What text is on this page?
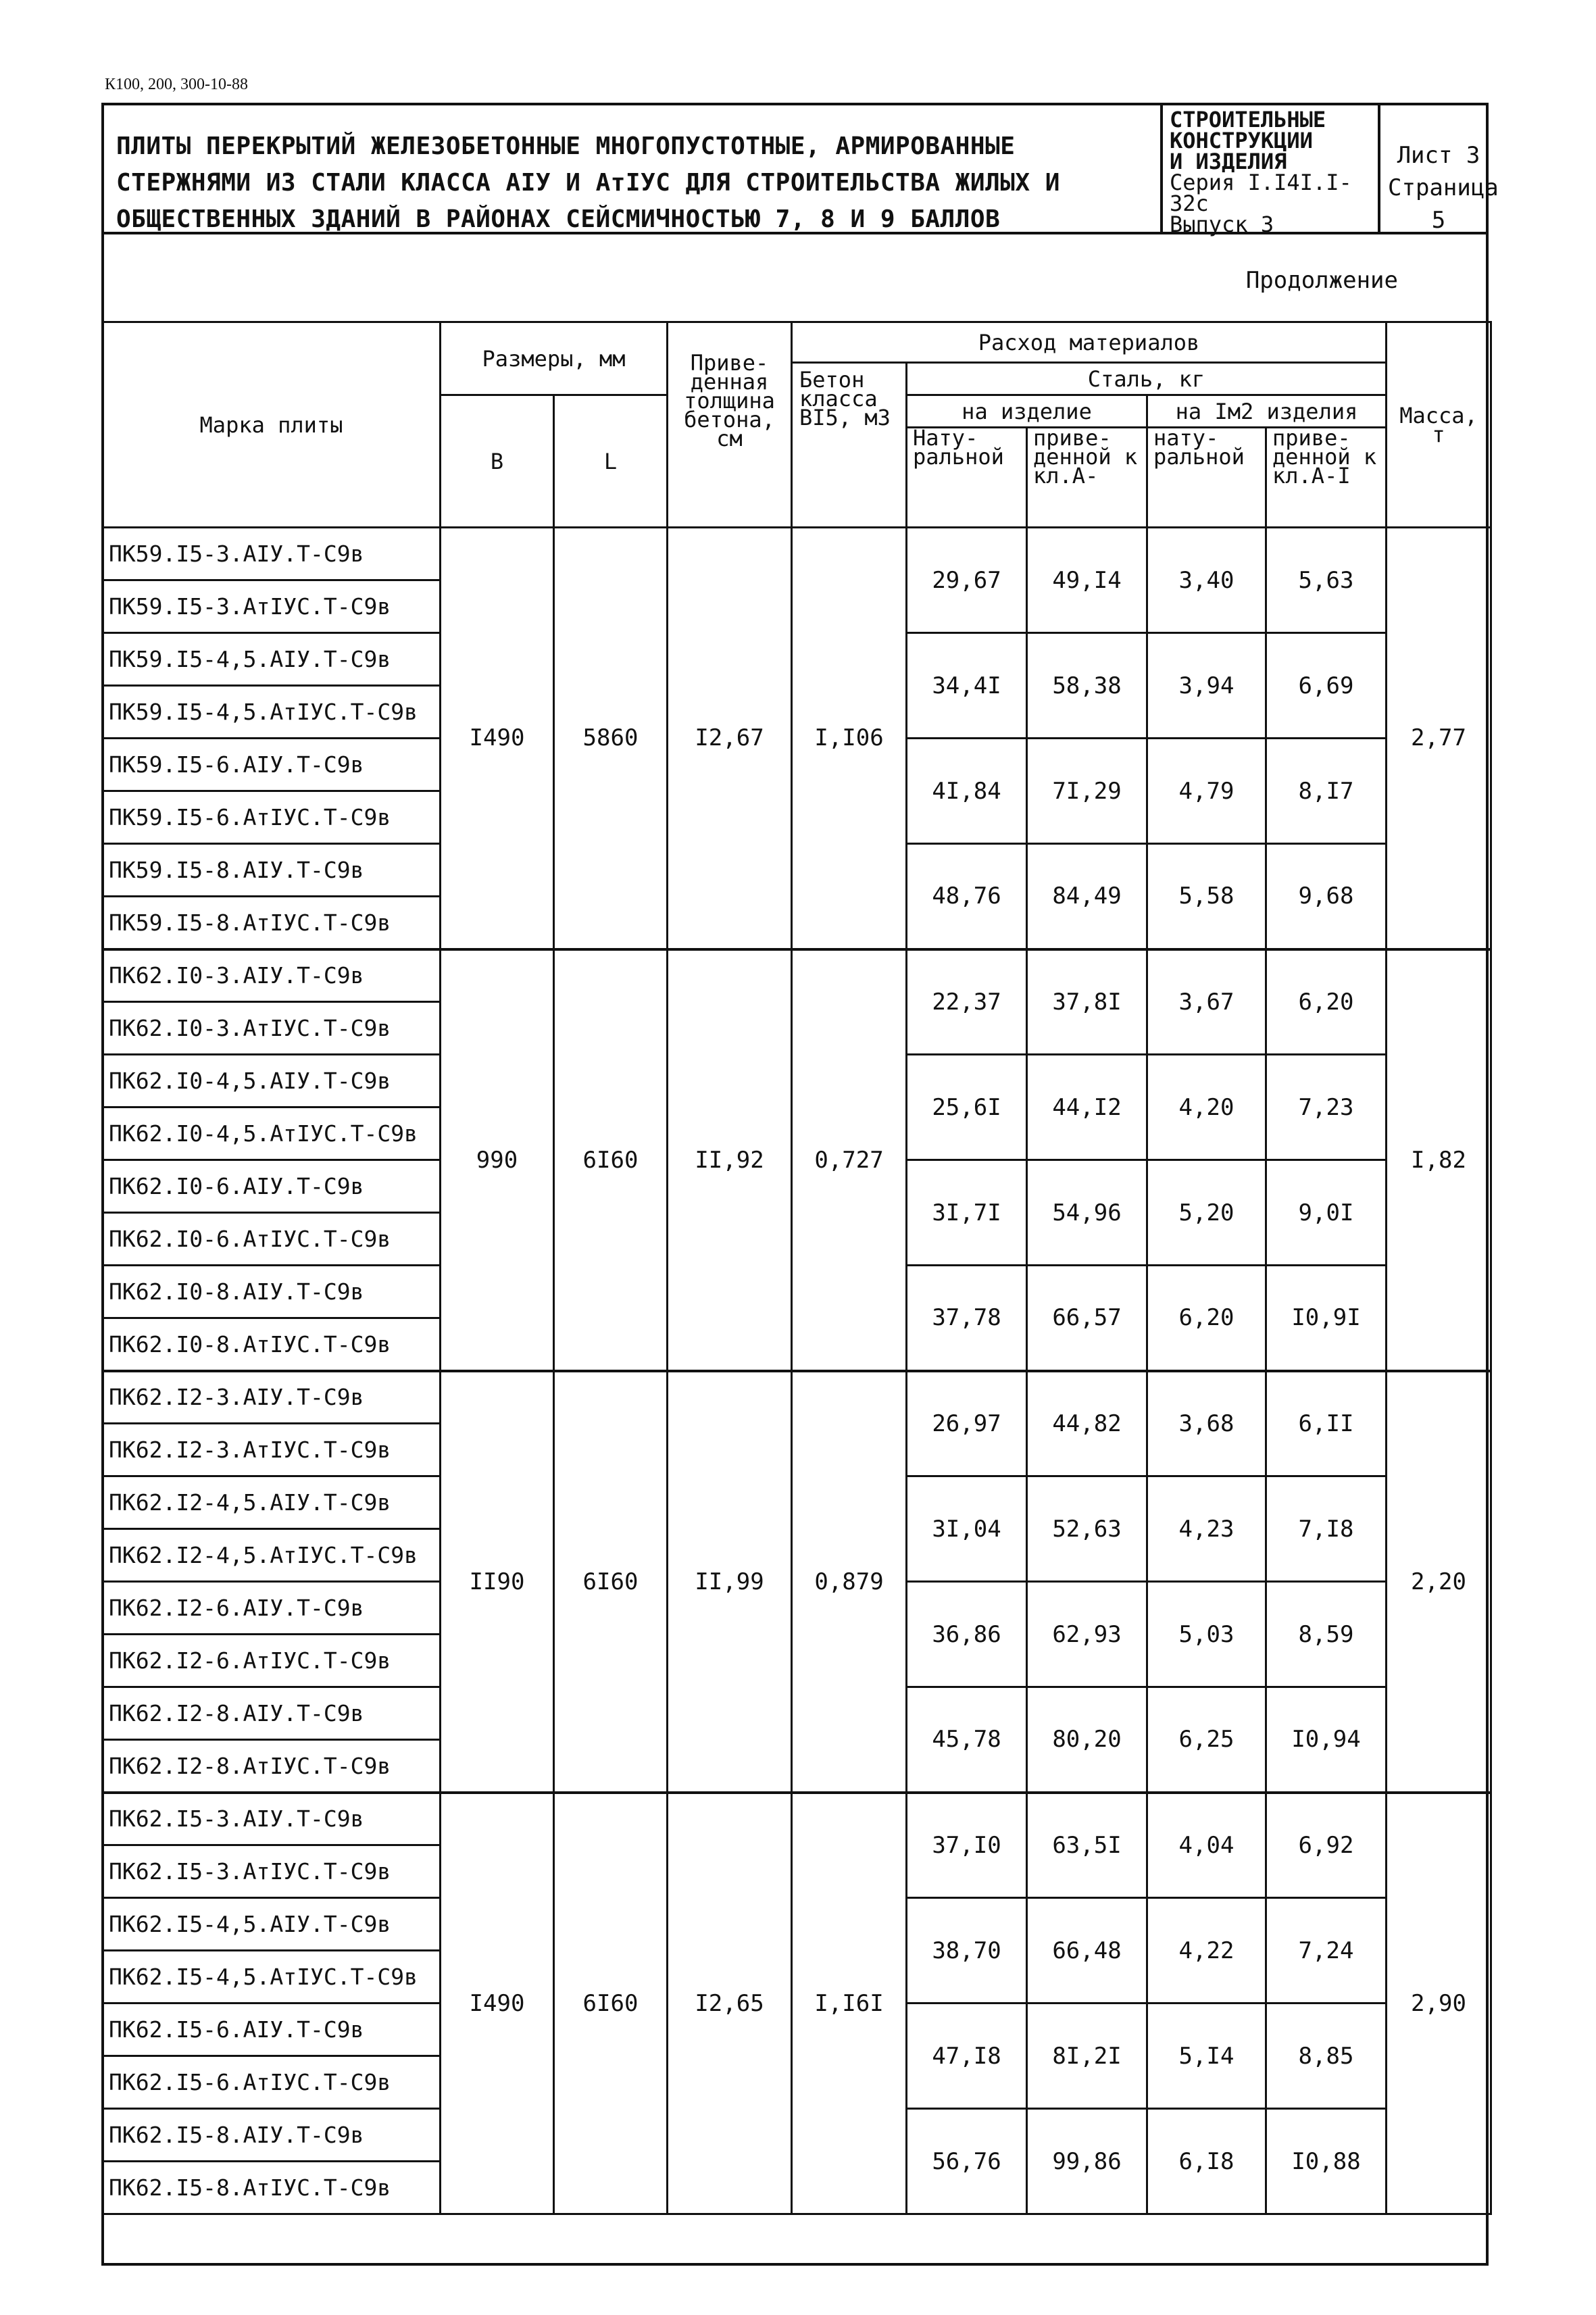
К100, 200, 300-10-88
ПЛИТЫ ПЕРЕКРЫТИЙ ЖЕЛЕЗОБЕТОННЫЕ МНОГОПУСТОТНЫЕ, АРМИРОВАННЫЕ
СТЕРЖНЯМИ ИЗ СТАЛИ КЛАССА АIУ И АтIУС ДЛЯ СТРОИТЕЛЬСТВА ЖИЛЫХ И
ОБЩЕСТВЕННЫХ ЗДАНИЙ В РАЙОНАХ СЕЙСМИЧНОСТЬЮ 7, 8 И 9 БАЛЛОВ
СТРОИТЕЛЬНЫЕ
КОНСТРУКЦИИ
И ИЗДЕЛИЯ
Серия I.I4I.I-32с
Выпуск 3
Лист 3
Страница 5
Продолжение
Марка плиты	Размеры, мм		Приве- денная толщина бетона, см	Расход материалов					Масса, т
				Бетон класса BI5, м3	Сталь, кг				
	B	L			на изделие		на Iм2 изделия		
					Нату- ральной	приве- денной к кл.А-	нату- ральной	приве- денной к кл.А-I	
ПК59.I5-3.АIУ.Т-С9в	I490	5860	I2,67	I,I06	29,67	49,I4	3,40	5,63	2,77
ПК59.I5-3.АтIУС.Т-С9в									
ПК59.I5-4,5.АIУ.Т-С9в					34,4I	58,38	3,94	6,69	
ПК59.I5-4,5.АтIУС.Т-С9в									
ПК59.I5-6.АIУ.Т-С9в					4I,84	7I,29	4,79	8,I7	
ПК59.I5-6.АтIУС.Т-С9в									
ПК59.I5-8.АIУ.Т-С9в					48,76	84,49	5,58	9,68	
ПК59.I5-8.АтIУС.Т-С9в									
ПК62.I0-3.АIУ.Т-С9в	990	6I60	II,92	0,727	22,37	37,8I	3,67	6,20	I,82
ПК62.I0-3.АтIУС.Т-С9в									
ПК62.I0-4,5.АIУ.Т-С9в					25,6I	44,I2	4,20	7,23	
ПК62.I0-4,5.АтIУС.Т-С9в									
ПК62.I0-6.АIУ.Т-С9в					3I,7I	54,96	5,20	9,0I	
ПК62.I0-6.АтIУС.Т-С9в									
ПК62.I0-8.АIУ.Т-С9в					37,78	66,57	6,20	I0,9I	
ПК62.I0-8.АтIУС.Т-С9в									
ПК62.I2-3.АIУ.Т-С9в	II90	6I60	II,99	0,879	26,97	44,82	3,68	6,II	2,20
ПК62.I2-3.АтIУС.Т-С9в									
ПК62.I2-4,5.АIУ.Т-С9в					3I,04	52,63	4,23	7,I8	
ПК62.I2-4,5.АтIУС.Т-С9в									
ПК62.I2-6.АIУ.Т-С9в					36,86	62,93	5,03	8,59	
ПК62.I2-6.АтIУС.Т-С9в									
ПК62.I2-8.АIУ.Т-С9в					45,78	80,20	6,25	I0,94	
ПК62.I2-8.АтIУС.Т-С9в									
ПК62.I5-3.АIУ.Т-С9в	I490	6I60	I2,65	I,I6I	37,I0	63,5I	4,04	6,92	2,90
ПК62.I5-3.АтIУС.Т-С9в									
ПК62.I5-4,5.АIУ.Т-С9в					38,70	66,48	4,22	7,24	
ПК62.I5-4,5.АтIУС.Т-С9в									
ПК62.I5-6.АIУ.Т-С9в					47,I8	8I,2I	5,I4	8,85	
ПК62.I5-6.АтIУС.Т-С9в									
ПК62.I5-8.АIУ.Т-С9в					56,76	99,86	6,I8	I0,88	
ПК62.I5-8.АтIУС.Т-С9в									
